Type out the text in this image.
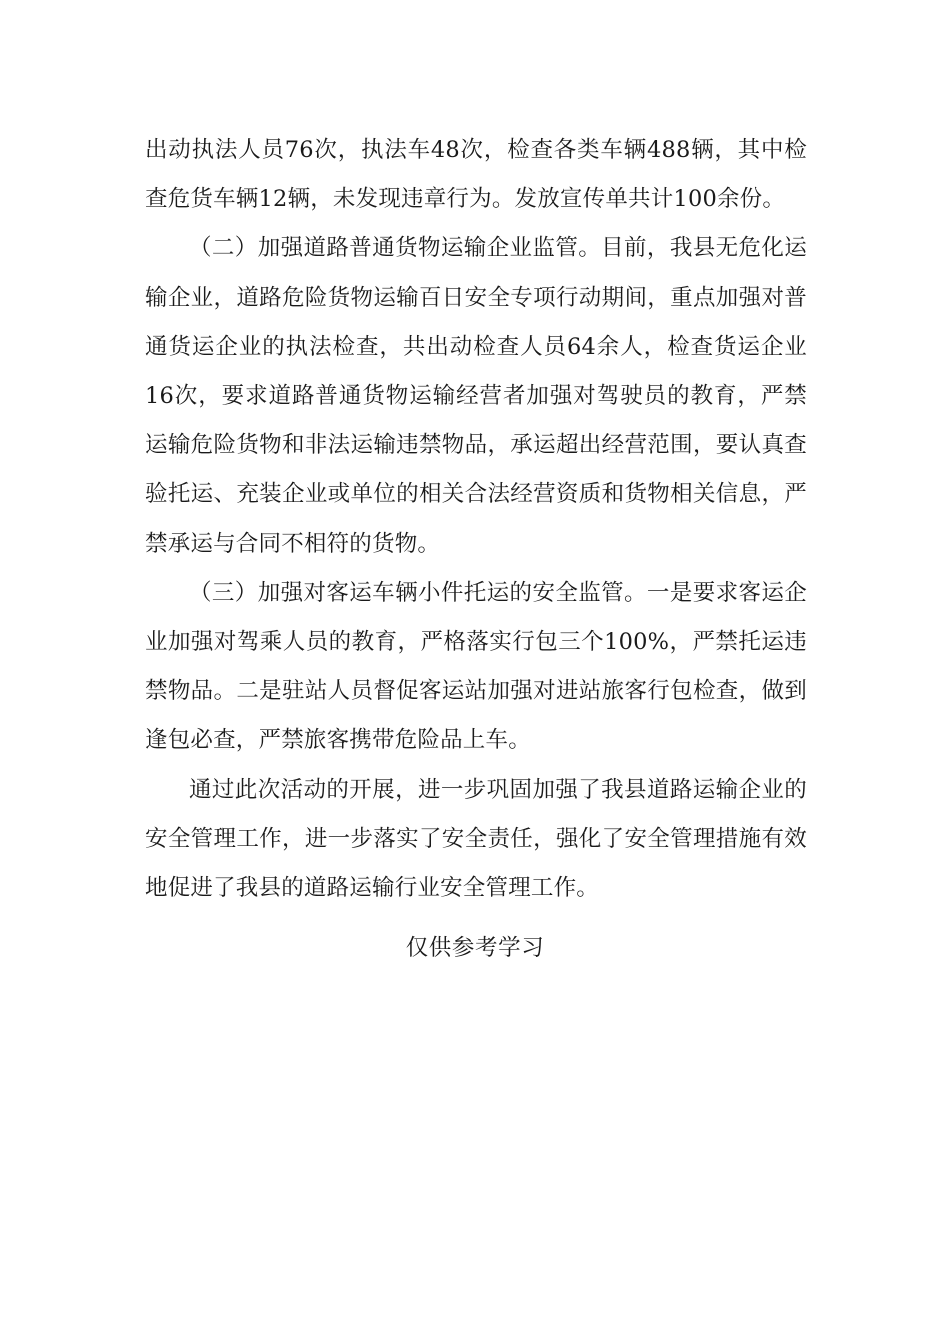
出动执法人员76次，执法车48次，检查各类车辆488辆，其中检查危货车辆12辆，未发现违章行为。发放宣传单共计100余份。

（二）加强道路普通货物运输企业监管。目前，我县无危化运输企业，道路危险货物运输百日安全专项行动期间，重点加强对普通货运企业的执法检查，共出动检查人员64余人，检查货运企业16次，要求道路普通货物运输经营者加强对驾驶员的教育，严禁运输危险货物和非法运输违禁物品，承运超出经营范围，要认真查验托运、充装企业或单位的相关合法经营资质和货物相关信息，严禁承运与合同不相符的货物。

（三）加强对客运车辆小件托运的安全监管。一是要求客运企业加强对驾乘人员的教育，严格落实行包三个100%，严禁托运违禁物品。二是驻站人员督促客运站加强对进站旅客行包检查，做到逢包必查，严禁旅客携带危险品上车。

通过此次活动的开展，进一步巩固加强了我县道路运输企业的安全管理工作，进一步落实了安全责任，强化了安全管理措施有效地促进了我县的道路运输行业安全管理工作。

仅供参考学习
